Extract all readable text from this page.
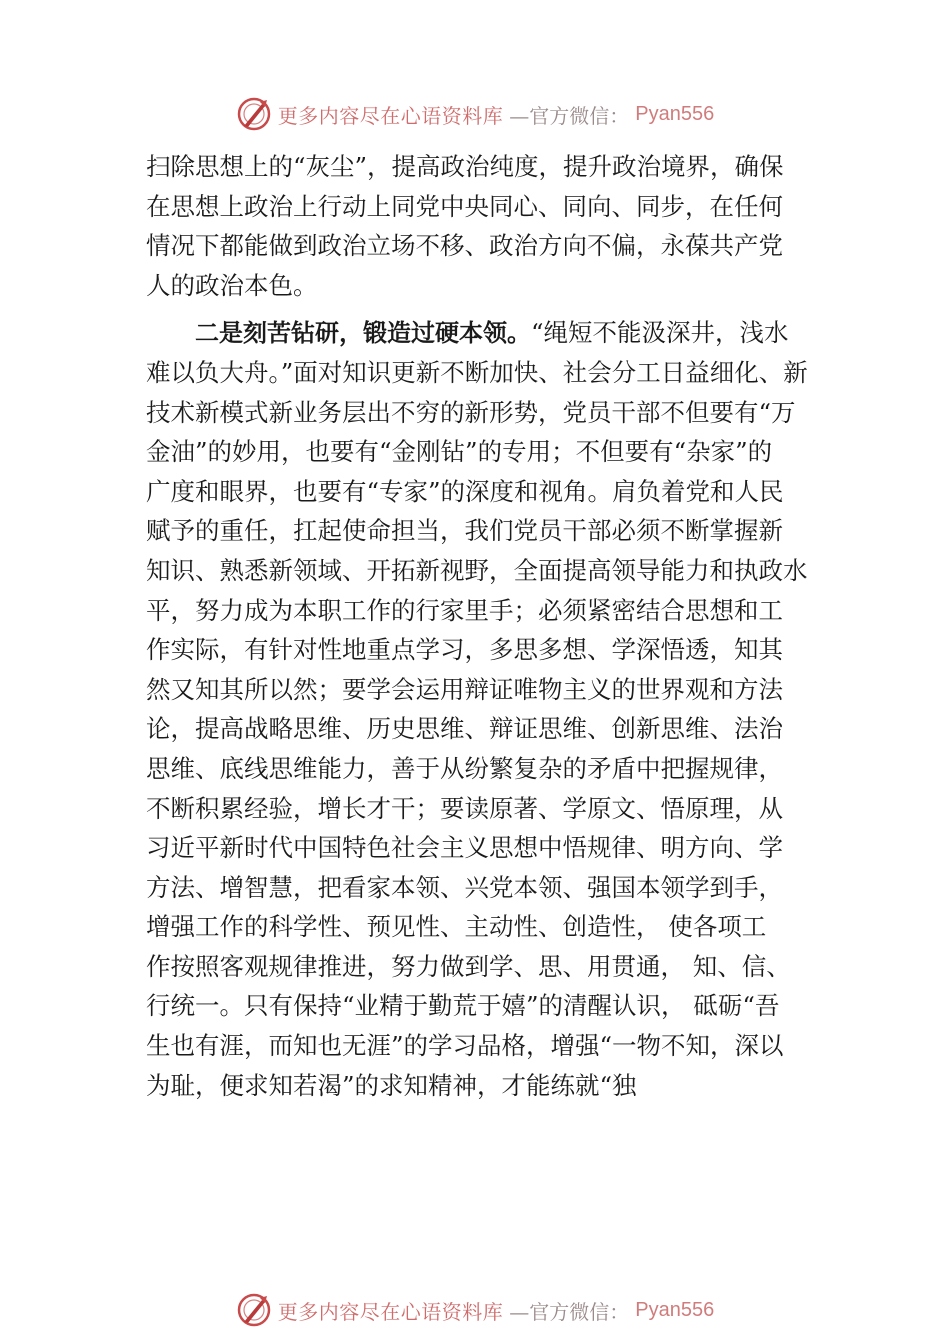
更多内容尽在心语资料库 —官方微信： Pyan556
扫除思想上的“灰尘”，提高政治纯度，提升政治境界，确保
在思想上政治上行动上同党中央同心、同向、同步，在任何
情况下都能做到政治立场不移、政治方向不偏，永葆共产党
人的政治本色。
二是刻苦钻研，锻造过硬本领。“绳短不能汲深井，浅水
难以负大舟。”面对知识更新不断加快、社会分工日益细化、新
技术新模式新业务层出不穷的新形势，党员干部不但要有“万
金油”的妙用，也要有“金刚钻”的专用；不但要有“杂家”的
广度和眼界，也要有“专家”的深度和视角。肩负着党和人民
赋予的重任，扛起使命担当，我们党员干部必须不断掌握新
知识、熟悉新领域、开拓新视野，全面提高领导能力和执政水
平，努力成为本职工作的行家里手；必须紧密结合思想和工
作实际，有针对性地重点学习，多思多想、学深悟透，知其
然又知其所以然；要学会运用辩证唯物主义的世界观和方法
论，提高战略思维、历史思维、辩证思维、创新思维、法治
思维、底线思维能力，善于从纷繁复杂的矛盾中把握规律，
不断积累经验，增长才干；要读原著、学原文、悟原理，从
习近平新时代中国特色社会主义思想中悟规律、明方向、学
方法、增智慧，把看家本领、兴党本领、强国本领学到手，
增强工作的科学性、预见性、主动性、创造性， 使各项工
作按照客观规律推进，努力做到学、思、用贯通， 知、信、
行统一。只有保持“业精于勤荒于嬉”的清醒认识， 砥砺“吾
生也有涯，而知也无涯”的学习品格，增强“一物不知，深以
为耻，便求知若渴”的求知精神，才能练就“独
更多内容尽在心语资料库 —官方微信： Pyan556
